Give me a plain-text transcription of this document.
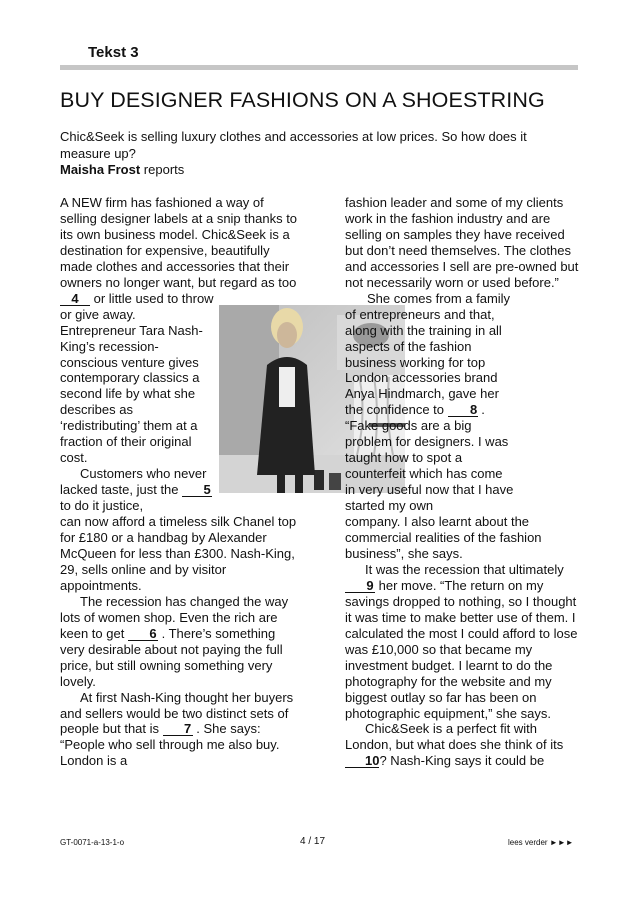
Tekst 3
BUY DESIGNER FASHIONS ON A SHOESTRING
Chic&Seek is selling luxury clothes and accessories at low prices. So how does it measure up?
Maisha Frost reports

A NEW firm has fashioned a way of selling designer labels at a snip thanks to its own business model. Chic&Seek is a destination for expensive, beautifully made clothes and accessories that their owners no longer want, but regard as too

4 or little used to throw or give away. Entrepreneur Tara Nash-King’s recession-conscious venture gives contemporary classics a second life by what she describes as ‘redistributing’ them at a fraction of their original cost.

Customers who never lacked taste, just the 5 to do it justice,

can now afford a timeless silk Chanel top for £180 or a handbag by Alexander McQueen for less than £300. Nash-King, 29, sells online and by visitor appointments.

The recession has changed the way lots of women shop. Even the rich are keen to get 6 . There’s something very desirable about not paying the full price, but still owning something very lovely.

At first Nash-King thought her buyers and sellers would be two distinct sets of people but that is 7 . She says: “People who sell through me also buy. London is a

fashion leader and some of my clients work in the fashion industry and are selling on samples they have received but don’t need themselves. The clothes and accessories I sell are pre-owned but not necessarily worn or used before.”

She comes from a family of entrepreneurs and that, along with the training in all aspects of the fashion business working for top London accessories brand Anya Hindmarch, gave her the confidence to 8 . “Fake goods are a big problem for designers. I was taught how to spot a counterfeit which has come in very useful now that I have started my own

company. I also learnt about the commercial realities of the fashion business”, she says.

It was the recession that ultimately 9 her move. “The return on my savings dropped to nothing, so I thought it was time to make better use of them. I calculated the most I could afford to lose was £10,000 so that became my investment budget. I learnt to do the photography for the website and my biggest outlay so far has been on photographic equipment,” she says.

Chic&Seek is a perfect fit with London, but what does she think of its 10? Nash-King says it could be

GT-0071-a-13-1-o	4 / 17	lees verder ►►►
